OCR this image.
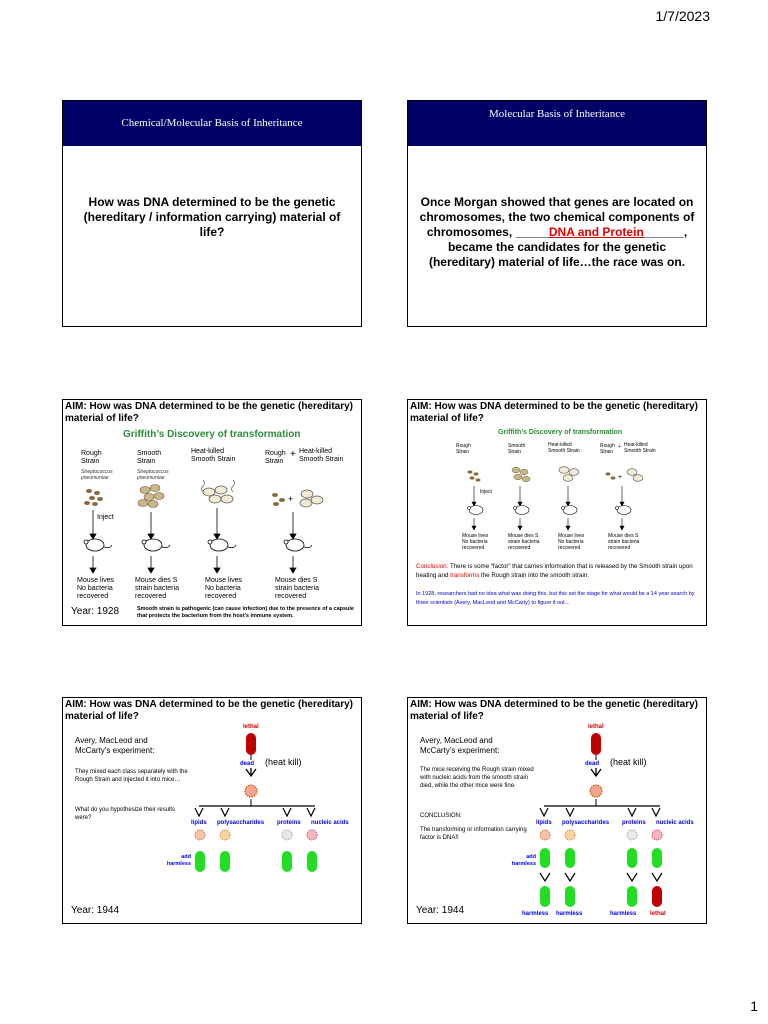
1/7/2023
Chemical/Molecular Basis of Inheritance
How was DNA determined to be the genetic (hereditary / information carrying) material of life?
Molecular Basis of Inheritance
Once Morgan showed that genes are located on chromosomes, the two chemical components of
chromosomes, _____DNA and Protein______,
became the candidates for the genetic (hereditary) material of life…the race was on.
AIM: How was DNA determined to be the genetic (hereditary) material of life?
Griffith’s Discovery of transformation
Rough Strain
Streptococcus pneumoniae
Smooth Strain
Streptococcus pneumoniae
Heat-killed Smooth Strain
Rough Strain
+ Heat-killed Smooth Strain
+
Inject
Mouse lives No bacteria recovered
Mouse dies S strain bacteria recovered
Mouse lives No bacteria recovered
Mouse dies S strain bacteria recovered
Year: 1928	Smooth strain is pathogenic (can cause infection) due to the presence of a capsule that protects the bacterium from the host’s immune system.
AIM: How was DNA determined to be the genetic (hereditary) material of life?
Griffith’s Discovery of transformation
Rough Strain
Smooth Strain
Heat-killed Smooth Strain
Rough Strain
+ Heat-killed Smooth Strain
+
Inject
Mouse lives No bacteria recovered
Mouse dies S strain bacteria recovered
Mouse lives No bacteria recovered
Mouse dies S strain bacteria recovered
Conclusion: There is some “factor” that carries information that is released by the Smooth strain upon heating and transforms the Rough strain into the smooth strain.
In 1928, researchers had no idea what was doing this, but this set the stage for what would be a 14 year search by three scientists (Avery, MacLeod and McCarty) to figure it out…
AIM: How was DNA determined to be the genetic (hereditary) material of life?
Avery, MacLeod and McCarty’s experiment:
They mixed each class separately with the Rough Strain and injected it into mice…
What do you hypothesize their results were?
lethal
dead (heat kill)
lipids polysaccharides proteins nucleic acids
add harmless
Year: 1944
AIM: How was DNA determined to be the genetic (hereditary) material of life?
Avery, MacLeod and McCarty’s experiment:
The mice receiving the Rough strain mixed with nucleic acids from the smooth strain died, while the other mice were fine.
CONCLUSION:
The transforming or information carrying factor is DNA!!
lethal
dead (heat kill)
lipids polysaccharides proteins nucleic acids
add harmless
harmless harmless	harmless lethal
Year: 1944
1
